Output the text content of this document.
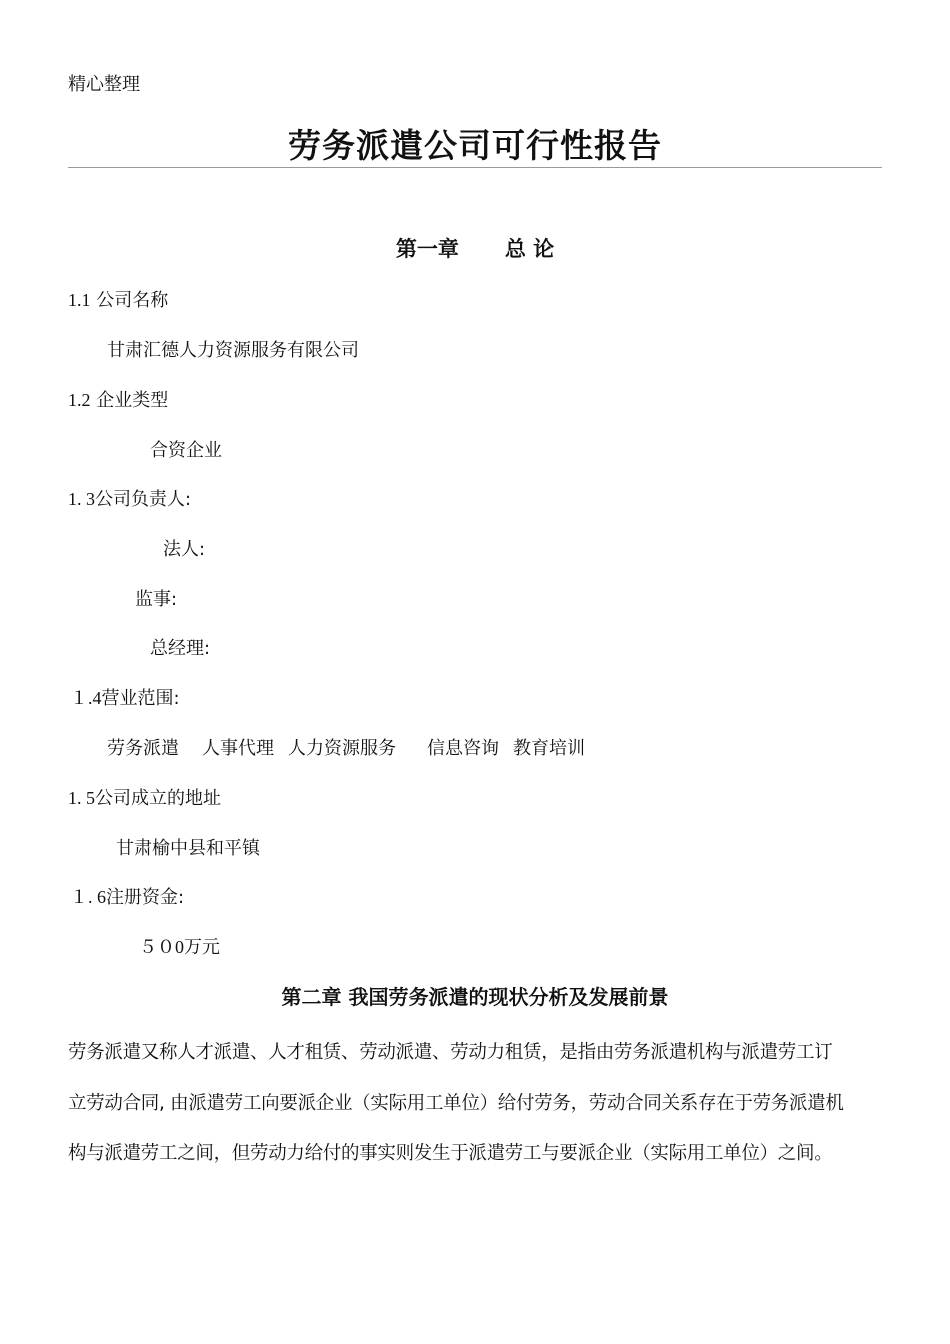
精心整理
劳务派遣公司可行性报告
第一章 总 论
1.1 公司名称
甘肃汇德人力资源服务有限公司
1.2 企业类型
合资企业
1. 3公司负责人:
法人:
监事:
总经理:
１.4营业范围:
劳务派遣 人事代理 人力资源服务 信息咨询 教育培训
1. 5公司成立的地址
甘肃榆中县和平镇
１. 6注册资金:
５０0万元
第二章 我国劳务派遣的现状分析及发展前景

劳务派遣又称人才派遣、人才租赁、劳动派遣、劳动力租赁，是指由劳务派遣机构与派遣劳工订

立劳动合同, 由派遣劳工向要派企业（实际用工单位）给付劳务，劳动合同关系存在于劳务派遣机

构与派遣劳工之间，但劳动力给付的事实则发生于派遣劳工与要派企业（实际用工单位）之间。
